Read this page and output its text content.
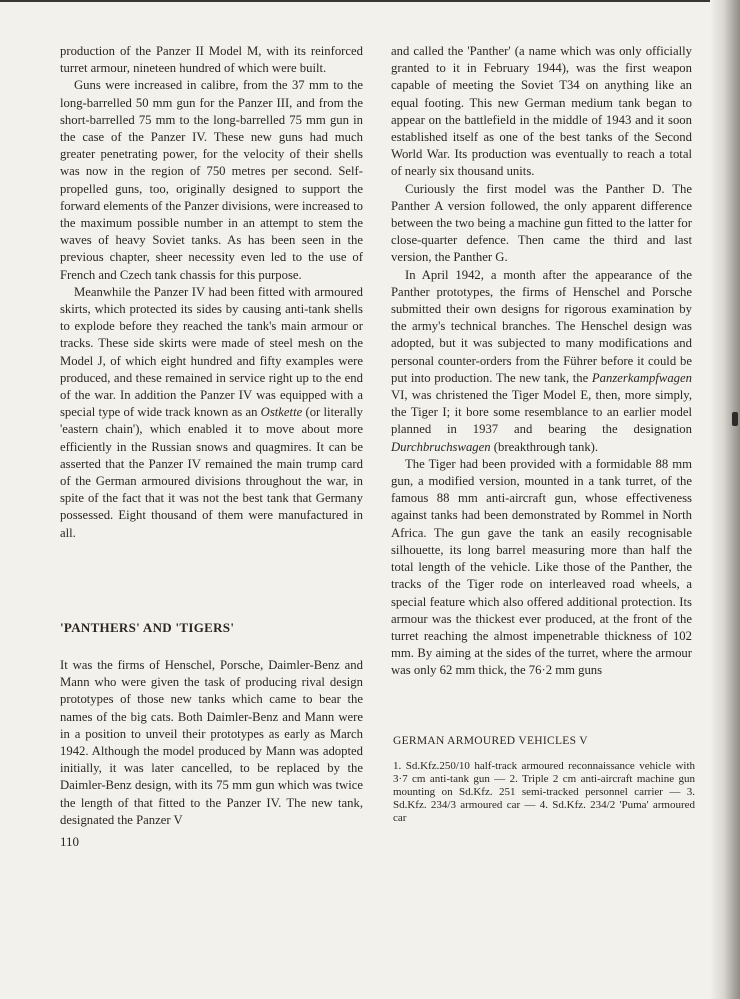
production of the Panzer II Model M, with its reinforced turret armour, nineteen hundred of which were built.

Guns were increased in calibre, from the 37 mm to the long-barrelled 50 mm gun for the Panzer III, and from the short-barrelled 75 mm to the long-barrelled 75 mm gun in the case of the Panzer IV. These new guns had much greater penetrating power, for the velocity of their shells was now in the region of 750 metres per second. Self-propelled guns, too, originally designed to support the forward elements of the Panzer divisions, were increased to the maximum possible number in an attempt to stem the waves of heavy Soviet tanks. As has been seen in the previous chapter, sheer necessity even led to the use of French and Czech tank chassis for this purpose.

Meanwhile the Panzer IV had been fitted with armoured skirts, which protected its sides by causing anti-tank shells to explode before they reached the tank's main armour or tracks. These side skirts were made of steel mesh on the Model J, of which eight hundred and fifty examples were produced, and these remained in service right up to the end of the war. In addition the Panzer IV was equipped with a special type of wide track known as an Ostkette (or literally 'eastern chain'), which enabled it to move about more efficiently in the Russian snows and quagmires. It can be asserted that the Panzer IV remained the main trump card of the German armoured divisions throughout the war, in spite of the fact that it was not the best tank that Germany possessed. Eight thousand of them were manufactured in all.

'PANTHERS' AND 'TIGERS'

It was the firms of Henschel, Porsche, Daimler-Benz and Mann who were given the task of producing rival design prototypes of those new tanks which came to bear the names of the big cats. Both Daimler-Benz and Mann were in a position to unveil their prototypes as early as March 1942. Although the model produced by Mann was adopted initially, it was later cancelled, to be replaced by the Daimler-Benz design, with its 75 mm gun which was twice the length of that fitted to the Panzer IV. The new tank, designated the Panzer V

and called the 'Panther' (a name which was only officially granted to it in February 1944), was the first weapon capable of meeting the Soviet T34 on anything like an equal footing. This new German medium tank began to appear on the battlefield in the middle of 1943 and it soon established itself as one of the best tanks of the Second World War. Its production was eventually to reach a total of nearly six thousand units.

Curiously the first model was the Panther D. The Panther A version followed, the only apparent difference between the two being a machine gun fitted to the latter for close-quarter defence. Then came the third and last version, the Panther G.

In April 1942, a month after the appearance of the Panther prototypes, the firms of Henschel and Porsche submitted their own designs for rigorous examination by the army's technical branches. The Henschel design was adopted, but it was subjected to many modifications and personal counter-orders from the Führer before it could be put into production. The new tank, the Panzerkampfwagen VI, was christened the Tiger Model E, then, more simply, the Tiger I; it bore some resemblance to an earlier model planned in 1937 and bearing the designation Durchbruchswagen (breakthrough tank).

The Tiger had been provided with a formidable 88 mm gun, a modified version, mounted in a tank turret, of the famous 88 mm anti-aircraft gun, whose effectiveness against tanks had been demonstrated by Rommel in North Africa. The gun gave the tank an easily recognisable silhouette, its long barrel measuring more than half the total length of the vehicle. Like those of the Panther, the tracks of the Tiger rode on interleaved road wheels, a special feature which also offered additional protection. Its armour was the thickest ever produced, at the front of the turret reaching the almost impenetrable thickness of 102 mm. By aiming at the sides of the turret, where the armour was only 62 mm thick, the 76·2 mm guns

GERMAN ARMOURED VEHICLES V
1. Sd.Kfz.250/10 half-track armoured reconnaissance vehicle with 3·7 cm anti-tank gun — 2. Triple 2 cm anti-aircraft machine gun mounting on Sd.Kfz. 251 semi-tracked personnel carrier — 3. Sd.Kfz. 234/3 armoured car — 4. Sd.Kfz. 234/2 'Puma' armoured car
110
